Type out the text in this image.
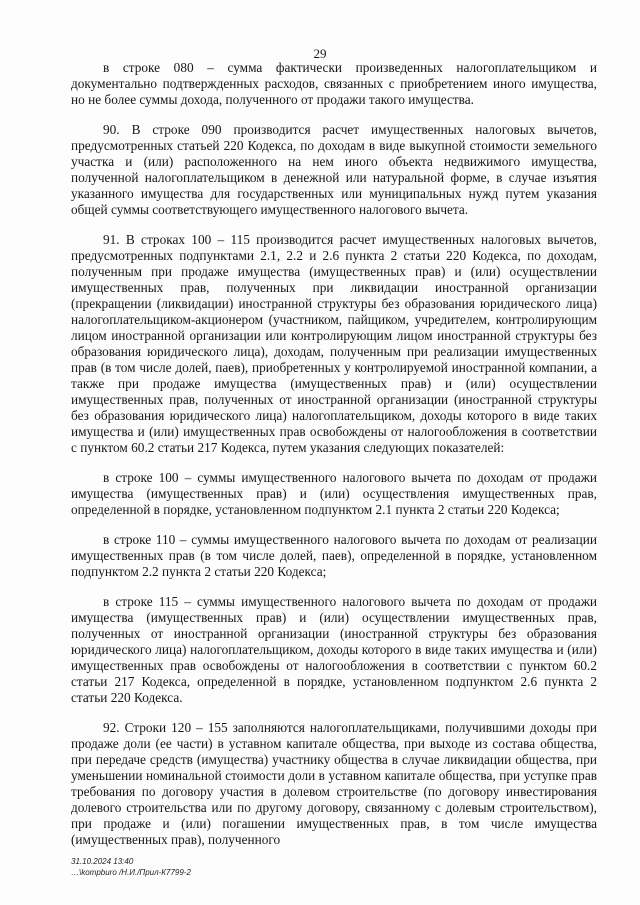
29

в строке 080 – сумма фактически произведенных налогоплательщиком и документально подтвержденных расходов, связанных с приобретением иного имущества, но не более суммы дохода, полученного от продажи такого имущества.

90. В строке 090 производится расчет имущественных налоговых вычетов, предусмотренных статьей 220 Кодекса, по доходам в виде выкупной стоимости земельного участка и (или) расположенного на нем иного объекта недвижимого имущества, полученной налогоплательщиком в денежной или натуральной форме, в случае изъятия указанного имущества для государственных или муниципальных нужд путем указания общей суммы соответствующего имущественного налогового вычета.

91. В строках 100 – 115 производится расчет имущественных налоговых вычетов, предусмотренных подпунктами 2.1, 2.2 и 2.6 пункта 2 статьи 220 Кодекса, по доходам, полученным при продаже имущества (имущественных прав) и (или) осуществлении имущественных прав, полученных при ликвидации иностранной организации (прекращении (ликвидации) иностранной структуры без образования юридического лица) налогоплательщиком-акционером (участником, пайщиком, учредителем, контролирующим лицом иностранной организации или контролирующим лицом иностранной структуры без образования юридического лица), доходам, полученным при реализации имущественных прав (в том числе долей, паев), приобретенных у контролируемой иностранной компании, а также при продаже имущества (имущественных прав) и (или) осуществлении имущественных прав, полученных от иностранной организации (иностранной структуры без образования юридического лица) налогоплательщиком, доходы которого в виде таких имущества и (или) имущественных прав освобождены от налогообложения в соответствии с пунктом 60.2 статьи 217 Кодекса, путем указания следующих показателей:

в строке 100 – суммы имущественного налогового вычета по доходам от продажи имущества (имущественных прав) и (или) осуществления имущественных прав, определенной в порядке, установленном подпунктом 2.1 пункта 2 статьи 220 Кодекса;

в строке 110 – суммы имущественного налогового вычета по доходам от реализации имущественных прав (в том числе долей, паев), определенной в порядке, установленном подпунктом 2.2 пункта 2 статьи 220 Кодекса;

в строке 115 – суммы имущественного налогового вычета по доходам от продажи имущества (имущественных прав) и (или) осуществлении имущественных прав, полученных от иностранной организации (иностранной структуры без образования юридического лица) налогоплательщиком, доходы которого в виде таких имущества и (или) имущественных прав освобождены от налогообложения в соответствии с пунктом 60.2 статьи 217 Кодекса, определенной в порядке, установленном подпунктом 2.6 пункта 2 статьи 220 Кодекса.

92. Строки 120 – 155 заполняются налогоплательщиками, получившими доходы при продаже доли (ее части) в уставном капитале общества, при выходе из состава общества, при передаче средств (имущества) участнику общества в случае ликвидации общества, при уменьшении номинальной стоимости доли в уставном капитале общества, при уступке прав требования по договору участия в долевом строительстве (по договору инвестирования долевого строительства или по другому договору, связанному с долевым строительством), при продаже и (или) погашении имущественных прав, в том числе имущества (имущественных прав), полученного

31.10.2024 13:40
…\kompburo /Н.И./Прил-К7799-2
